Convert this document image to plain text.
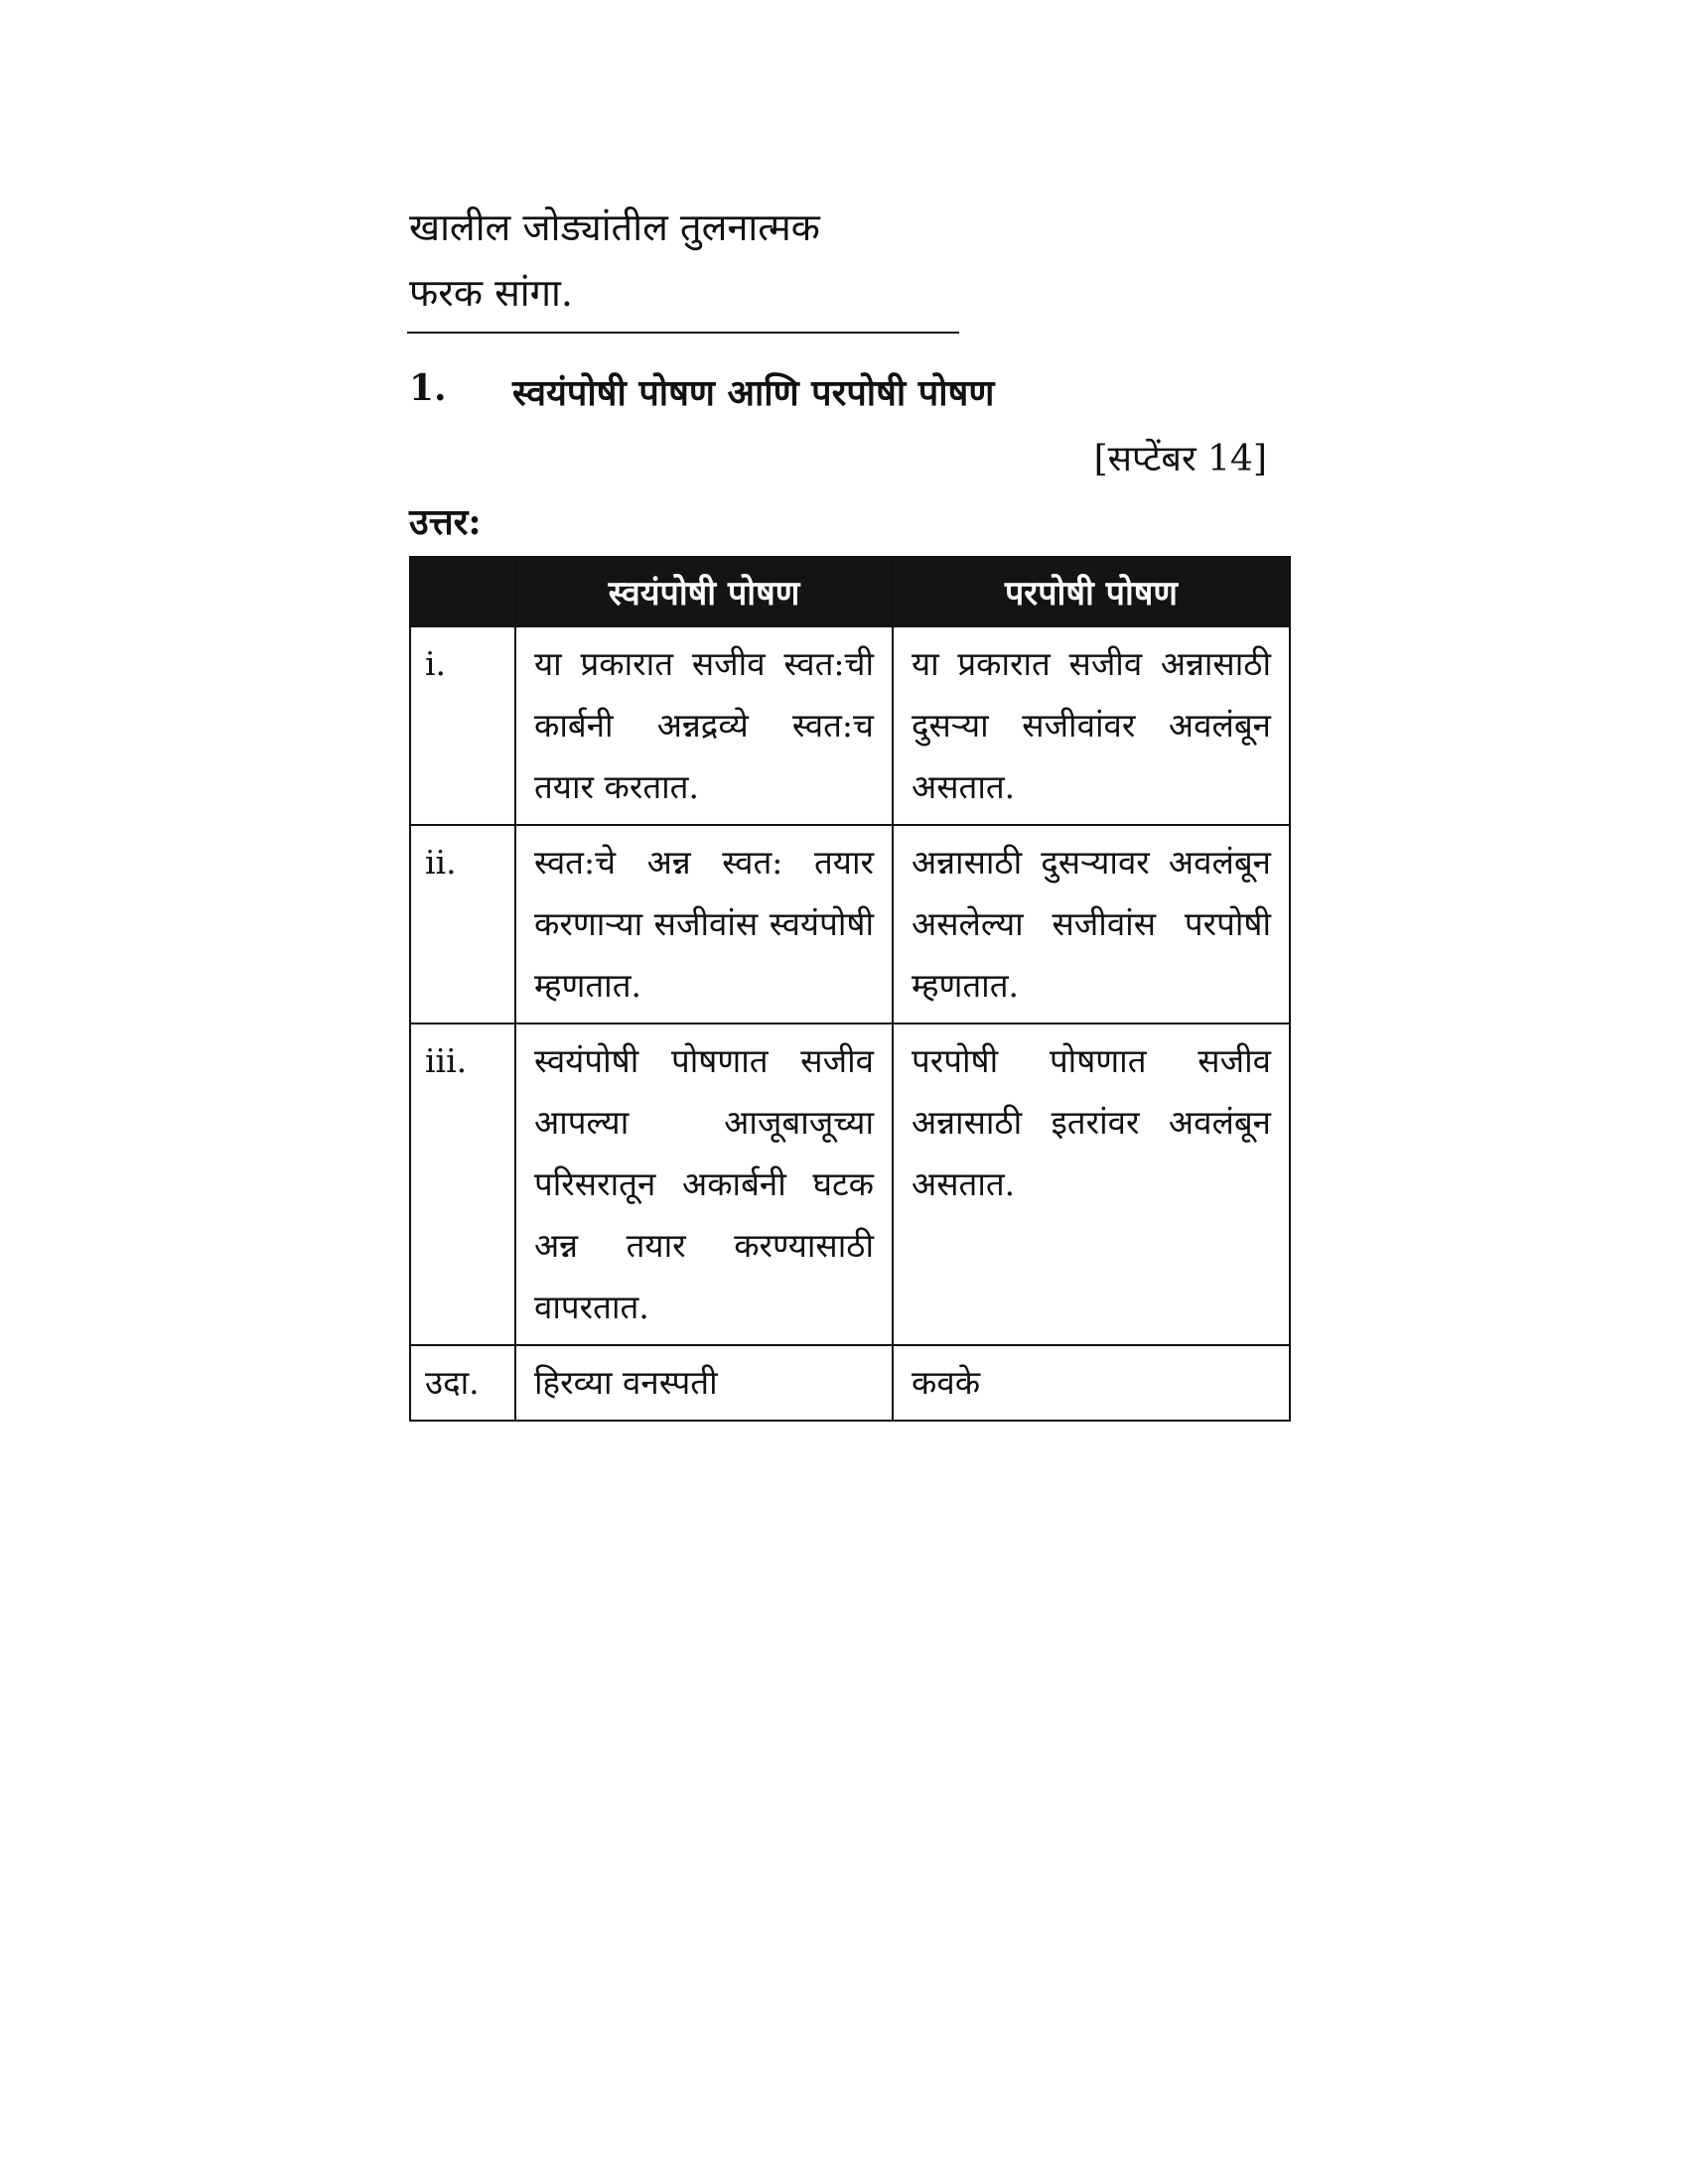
खालील जोड्यांतील तुलनात्मक
फरक सांगा.
1. स्वयंपोषी पोषण आणि परपोषी पोषण
[सप्टेंबर 14]
उत्तर:
	स्वयंपोषी पोषण	परपोषी पोषण
i.	या प्रकारात सजीव स्वत:ची कार्बनी अन्नद्रव्ये स्वत:च तयार करतात.	या प्रकारात सजीव अन्नासाठी दुसऱ्या सजीवांवर अवलंबून असतात.
ii.	स्वत:चे अन्न स्वत: तयार करणाऱ्या सजीवांस स्वयंपोषी म्हणतात.	अन्नासाठी दुसऱ्यावर अवलंबून असलेल्या सजीवांस परपोषी म्हणतात.
iii.	स्वयंपोषी पोषणात सजीव आपल्या आजूबाजूच्या परिसरातून अकार्बनी घटक अन्न तयार करण्यासाठी वापरतात.	परपोषी पोषणात सजीव अन्नासाठी इतरांवर अवलंबून असतात.
उदा.	हिरव्या वनस्पती	कवके
